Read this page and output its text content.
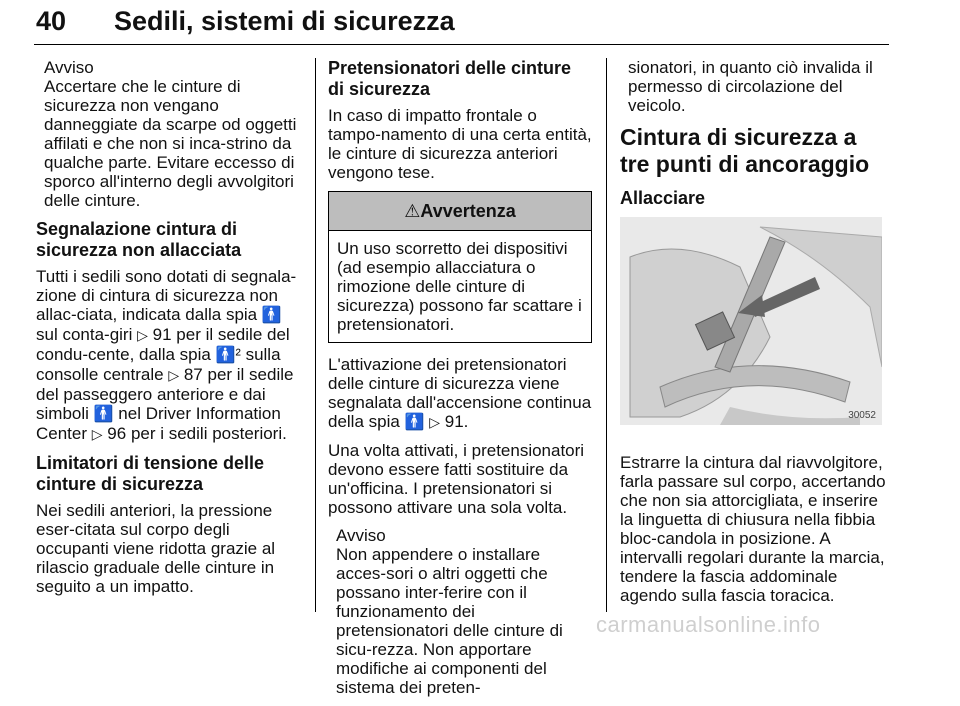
40 Sedili, sistemi di sicurezza
Avviso

Accertare che le cinture di sicurezza non vengano danneggiate da scarpe od oggetti affilati e che non si inca-strino da qualche parte. Evitare eccesso di sporco all'interno degli avvolgitori delle cinture.

Segnalazione cintura di sicurezza non allacciata

Tutti i sedili sono dotati di segnala-zione di cintura di sicurezza non allac-ciata, indicata dalla spia 🚹 sul conta-giri ▷ 91 per il sedile del condu-cente, dalla spia 🚹² sulla consolle centrale ▷ 87 per il sedile del passeggero anteriore e dai simboli 🚹 nel Driver Information Center ▷ 96 per i sedili posteriori.

Limitatori di tensione delle cinture di sicurezza

Nei sedili anteriori, la pressione eser-citata sul corpo degli occupanti viene ridotta grazie al rilascio graduale delle cinture in seguito a un impatto.

Pretensionatori delle cinture di sicurezza

In caso di impatto frontale o tampo-namento di una certa entità, le cinture di sicurezza anteriori vengono tese.

⚠Avvertenza
Un uso scorretto dei dispositivi (ad esempio allacciatura o rimozione delle cinture di sicurezza) possono far scattare i pretensionatori.

L'attivazione dei pretensionatori delle cinture di sicurezza viene segnalata dall'accensione continua della spia 🚹 ▷ 91.

Una volta attivati, i pretensionatori devono essere fatti sostituire da un'officina. I pretensionatori si possono attivare una sola volta.

Avviso

Non appendere o installare acces-sori o altri oggetti che possano inter-ferire con il funzionamento dei pretensionatori delle cinture di sicu-rezza. Non apportare modifiche ai componenti del sistema dei preten-

sionatori, in quanto ciò invalida il permesso di circolazione del veicolo.

Cintura di sicurezza a tre punti di ancoraggio
Allacciare
30052

Estrarre la cintura dal riavvolgitore, farla passare sul corpo, accertando che non sia attorcigliata, e inserire la linguetta di chiusura nella fibbia bloc-candola in posizione. A intervalli regolari durante la marcia, tendere la fascia addominale agendo sulla fascia toracica.

carmanualsonline.info
